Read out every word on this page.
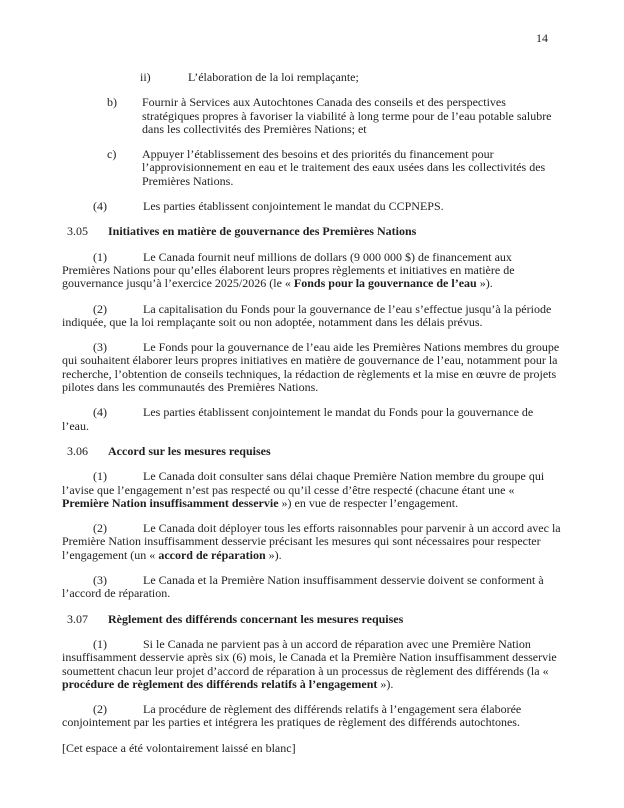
14

ii)	L’élaboration de la loi remplaçante;

b) Fournir à Services aux Autochtones Canada des conseils et des perspectives stratégiques propres à favoriser la viabilité à long terme pour de l’eau potable salubre dans les collectivités des Premières Nations; et

c) Appuyer l’établissement des besoins et des priorités du financement pour l’approvisionnement en eau et le traitement des eaux usées dans les collectivités des Premières Nations.

(4)	Les parties établissent conjointement le mandat du CCPNEPS.

3.05 Initiatives en matière de gouvernance des Premières Nations

(1)	Le Canada fournit neuf millions de dollars (9 000 000 $) de financement aux Premières Nations pour qu’elles élaborent leurs propres règlements et initiatives en matière de gouvernance jusqu’à l’exercice 2025/2026 (le « Fonds pour la gouvernance de l’eau »).

(2)	La capitalisation du Fonds pour la gouvernance de l’eau s’effectue jusqu’à la période indiquée, que la loi remplaçante soit ou non adoptée, notamment dans les délais prévus.

(3)	Le Fonds pour la gouvernance de l’eau aide les Premières Nations membres du groupe qui souhaitent élaborer leurs propres initiatives en matière de gouvernance de l’eau, notamment pour la recherche, l’obtention de conseils techniques, la rédaction de règlements et la mise en œuvre de projets pilotes dans les communautés des Premières Nations.

(4)	Les parties établissent conjointement le mandat du Fonds pour la gouvernance de l’eau.

3.06 Accord sur les mesures requises

(1)	Le Canada doit consulter sans délai chaque Première Nation membre du groupe qui l’avise que l’engagement n’est pas respecté ou qu’il cesse d’être respecté (chacune étant une « Première Nation insuffisamment desservie ») en vue de respecter l’engagement.

(2)	Le Canada doit déployer tous les efforts raisonnables pour parvenir à un accord avec la Première Nation insuffisamment desservie précisant les mesures qui sont nécessaires pour respecter l’engagement (un « accord de réparation »).

(3)	Le Canada et la Première Nation insuffisamment desservie doivent se conforment à l’accord de réparation.

3.07 Règlement des différends concernant les mesures requises

(1)	Si le Canada ne parvient pas à un accord de réparation avec une Première Nation insuffisamment desservie après six (6) mois, le Canada et la Première Nation insuffisamment desservie soumettent chacun leur projet d’accord de réparation à un processus de règlement des différends (la « procédure de règlement des différends relatifs à l’engagement »).

(2)	La procédure de règlement des différends relatifs à l’engagement sera élaborée conjointement par les parties et intégrera les pratiques de règlement des différends autochtones.

[Cet espace a été volontairement laissé en blanc]
